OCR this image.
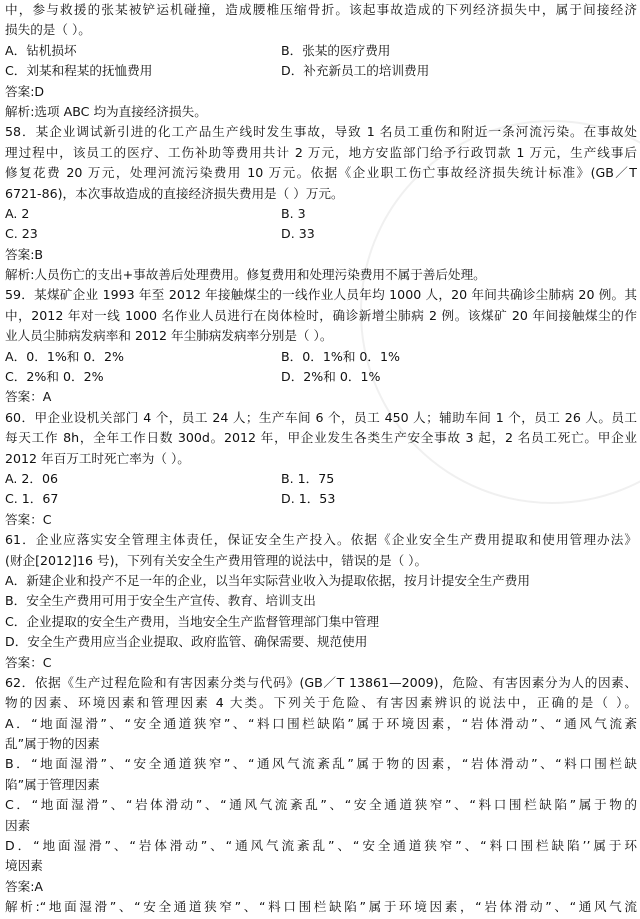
中，参与救援的张某被铲运机碰撞，造成腰椎压缩骨折。该起事故造成的下列经济损失中，属于间接经济
损失的是（ ）。
A．钻机损坏	B．张某的医疗费用
C．刘某和程某的抚恤费用	D．补充新员工的培训费用
答案:D
解析:选项 ABC 均为直接经济损失。
58．某企业调试新引进的化工产品生产线时发生事故，导致 1 名员工重伤和附近一条河流污染。在事故处
理过程中，该员工的医疗、工伤补助等费用共计 2 万元，地方安监部门给予行政罚款 1 万元，生产线事后
修复花费 20 万元，处理河流污染费用 10 万元。依据《企业职工伤亡事故经济损失统计标准》(GB／T
6721-86)，本次事故造成的直接经济损失费用是（ ）万元。
A. 2	B. 3
C. 23	D. 33
答案:B
解析:人员伤亡的支出+事故善后处理费用。修复费用和处理污染费用不属于善后处理。
59．某煤矿企业 1993 年至 2012 年接触煤尘的一线作业人员年均 1000 人，20 年间共确诊尘肺病 20 例。其
中，2012 年对一线 1000 名作业人员进行在岗体检时，确诊新增尘肺病 2 例。该煤矿 20 年间接触煤尘的作
业人员尘肺病发病率和 2012 年尘肺病发病率分别是（ ）。
A．0．1%和 0．2%	B．0．1%和 0．1%
C．2%和 0．2%	D．2%和 0．1%
答案：A
60．甲企业设机关部门 4 个，员工 24 人；生产车间 6 个，员工 450 人；辅助车间 1 个，员工 26 人。员工
每天工作 8h，全年工作日数 300d。2012 年，甲企业发生各类生产安全事故 3 起，2 名员工死亡。甲企业
2012 年百万工时死亡率为（ ）。
A. 2．06	B. 1．75
C. 1．67	D. 1．53
答案：C
61．企业应落实安全管理主体责任，保证安全生产投入。依据《企业安全生产费用提取和使用管理办法》
(财企[2012]16 号)，下列有关安全生产费用管理的说法中，错误的是（ ）。
A．新建企业和投产不足一年的企业，以当年实际营业收入为提取依据，按月计提安全生产费用
B．安全生产费用可用于安全生产宣传、教育、培训支出
C．企业提取的安全生产费用，当地安全生产监督管理部门集中管理
D．安全生产费用应当企业提取、政府监管、确保需要、规范使用
答案：C
62．依据《生产过程危险和有害因素分类与代码》(GB／T 13861—2009)，危险、有害因素分为人的因素、
物的因素、环境因素和管理因素 4 大类。下列关于危险、有害因素辨识的说法中，正确的是（ ）。
A．“地面湿滑”、“安全通道狭窄”、“料口围栏缺陷”属于环境因素，“岩体滑动”、“通风气流紊
乱”属于物的因素
B．“地面湿滑”、“安全通道狭窄”、“通风气流紊乱”属于物的因素，“岩体滑动”、“料口围栏缺
陷”属于管理因素
C．“地面湿滑”、“岩体滑动”、“通风气流紊乱”、“安全通道狭窄”、“料口围栏缺陷”属于物的
因素
D．“地面湿滑”、“岩体滑动”、“通风气流紊乱”、“安全通道狭窄”、“料口围栏缺陷’’属于环
境因素
答案:A
解析:“地面湿滑”、“安全通道狭窄”、“料口围栏缺陷”属于环境因素，“岩体滑动”、“通风气流
